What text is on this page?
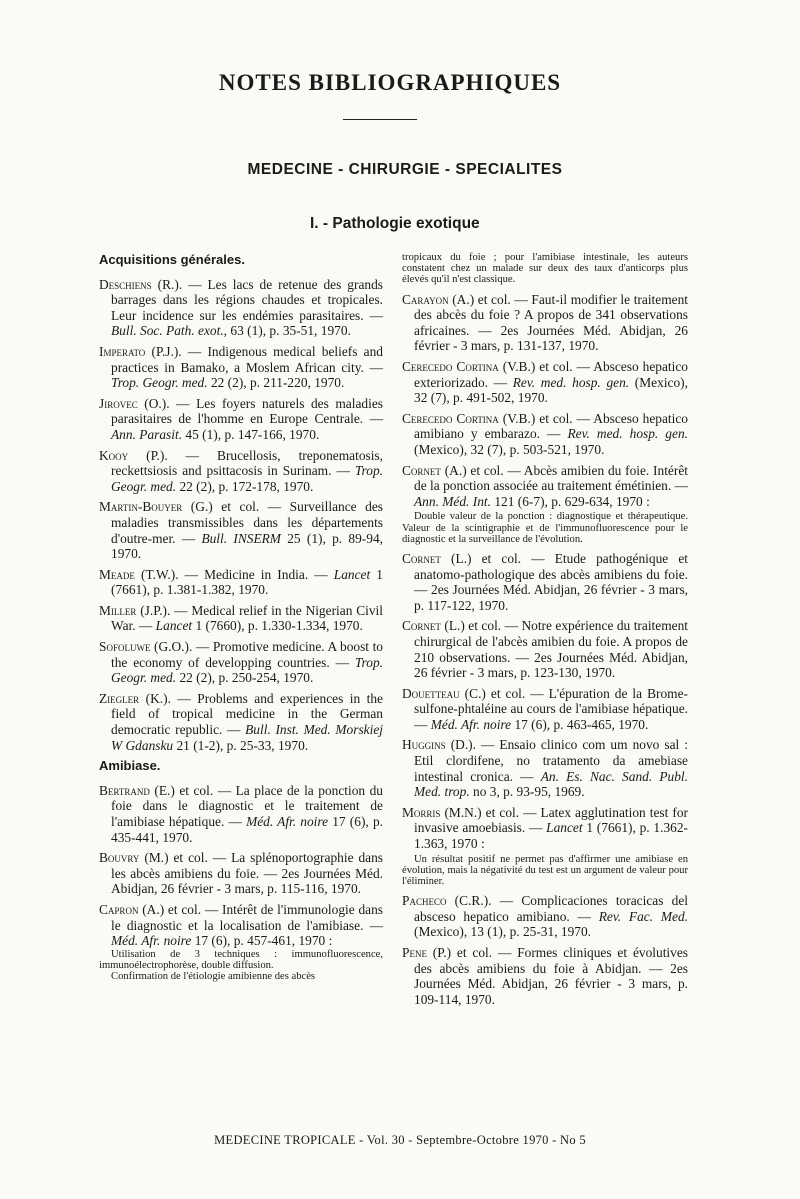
NOTES BIBLIOGRAPHIQUES
MEDECINE - CHIRURGIE - SPECIALITES
I. - Pathologie exotique

Acquisitions générales.

Deschiens (R.). — Les lacs de retenue des grands barrages dans les régions chaudes et tropicales. Leur incidence sur les endémies parasitaires. — Bull. Soc. Path. exot., 63 (1), p. 35-51, 1970.

Imperato (P.J.). — Indigenous medical beliefs and practices in Bamako, a Moslem African city. — Trop. Geogr. med. 22 (2), p. 211-220, 1970.

Jirovec (O.). — Les foyers naturels des maladies parasitaires de l'homme en Europe Centrale. — Ann. Parasit. 45 (1), p. 147-166, 1970.

Kooy (P.). — Brucellosis, treponematosis, reckettsiosis and psittacosis in Surinam. — Trop. Geogr. med. 22 (2), p. 172-178, 1970.

Martin-Bouyer (G.) et col. — Surveillance des maladies transmissibles dans les départements d'outre-mer. — Bull. INSERM 25 (1), p. 89-94, 1970.

Meade (T.W.). — Medicine in India. — Lancet 1 (7661), p. 1.381-1.382, 1970.

Miller (J.P.). — Medical relief in the Nigerian Civil War. — Lancet 1 (7660), p. 1.330-1.334, 1970.

Sofoluwe (G.O.). — Promotive medicine. A boost to the economy of developping countries. — Trop. Geogr. med. 22 (2), p. 250-254, 1970.

Ziegler (K.). — Problems and experiences in the field of tropical medicine in the German democratic republic. — Bull. Inst. Med. Morskiej W Gdansku 21 (1-2), p. 25-33, 1970.

Amibiase.

Bertrand (E.) et col. — La place de la ponction du foie dans le diagnostic et le traitement de l'amibiase hépatique. — Méd. Afr. noire 17 (6), p. 435-441, 1970.

Bouvry (M.) et col. — La splénoportographie dans les abcès amibiens du foie. — 2es Journées Méd. Abidjan, 26 février - 3 mars, p. 115-116, 1970.

Capron (A.) et col. — Intérêt de l'immunologie dans le diagnostic et la localisation de l'amibiase. — Méd. Afr. noire 17 (6), p. 457-461, 1970 :

Utilisation de 3 techniques : immunofluorescence, immunoélectrophorèse, double diffusion.

Confirmation de l'étiologie amibienne des abcès

tropicaux du foie ; pour l'amibiase intestinale, les auteurs constatent chez un malade sur deux des taux d'anticorps plus élevés qu'il n'est classique.

Carayon (A.) et col. — Faut-il modifier le traitement des abcès du foie ? A propos de 341 observations africaines. — 2es Journées Méd. Abidjan, 26 février - 3 mars, p. 131-137, 1970.

Cerecedo Cortina (V.B.) et col. — Absceso hepatico exteriorizado. — Rev. med. hosp. gen. (Mexico), 32 (7), p. 491-502, 1970.

Cerecedo Cortina (V.B.) et col. — Absceso hepatico amibiano y embarazo. — Rev. med. hosp. gen. (Mexico), 32 (7), p. 503-521, 1970.

Cornet (A.) et col. — Abcès amibien du foie. Intérêt de la ponction associée au traitement émétinien. — Ann. Méd. Int. 121 (6-7), p. 629-634, 1970 :

Double valeur de la ponction : diagnostique et thérapeutique. Valeur de la scintigraphie et de l'immunofluorescence pour le diagnostic et la surveillance de l'évolution.

Cornet (L.) et col. — Etude pathogénique et anatomo-pathologique des abcès amibiens du foie. — 2es Journées Méd. Abidjan, 26 février - 3 mars, p. 117-122, 1970.

Cornet (L.) et col. — Notre expérience du traitement chirurgical de l'abcès amibien du foie. A propos de 210 observations. — 2es Journées Méd. Abidjan, 26 février - 3 mars, p. 123-130, 1970.

Douetteau (C.) et col. — L'épuration de la Brome-sulfone-phtaléine au cours de l'amibiase hépatique. — Méd. Afr. noire 17 (6), p. 463-465, 1970.

Huggins (D.). — Ensaio clinico com um novo sal : Etil clordifene, no tratamento da amebiase intestinal cronica. — An. Es. Nac. Sand. Publ. Med. trop. no 3, p. 93-95, 1969.

Morris (M.N.) et col. — Latex agglutination test for invasive amoebiasis. — Lancet 1 (7661), p. 1.362-1.363, 1970 :

Un résultat positif ne permet pas d'affirmer une amibiase en évolution, mais la négativité du test est un argument de valeur pour l'éliminer.

Pacheco (C.R.). — Complicaciones toracicas del absceso hepatico amibiano. — Rev. Fac. Med. (Mexico), 13 (1), p. 25-31, 1970.

Pene (P.) et col. — Formes cliniques et évolutives des abcès amibiens du foie à Abidjan. — 2es Journées Méd. Abidjan, 26 février - 3 mars, p. 109-114, 1970.

MEDECINE TROPICALE - Vol. 30 - Septembre-Octobre 1970 - No 5
